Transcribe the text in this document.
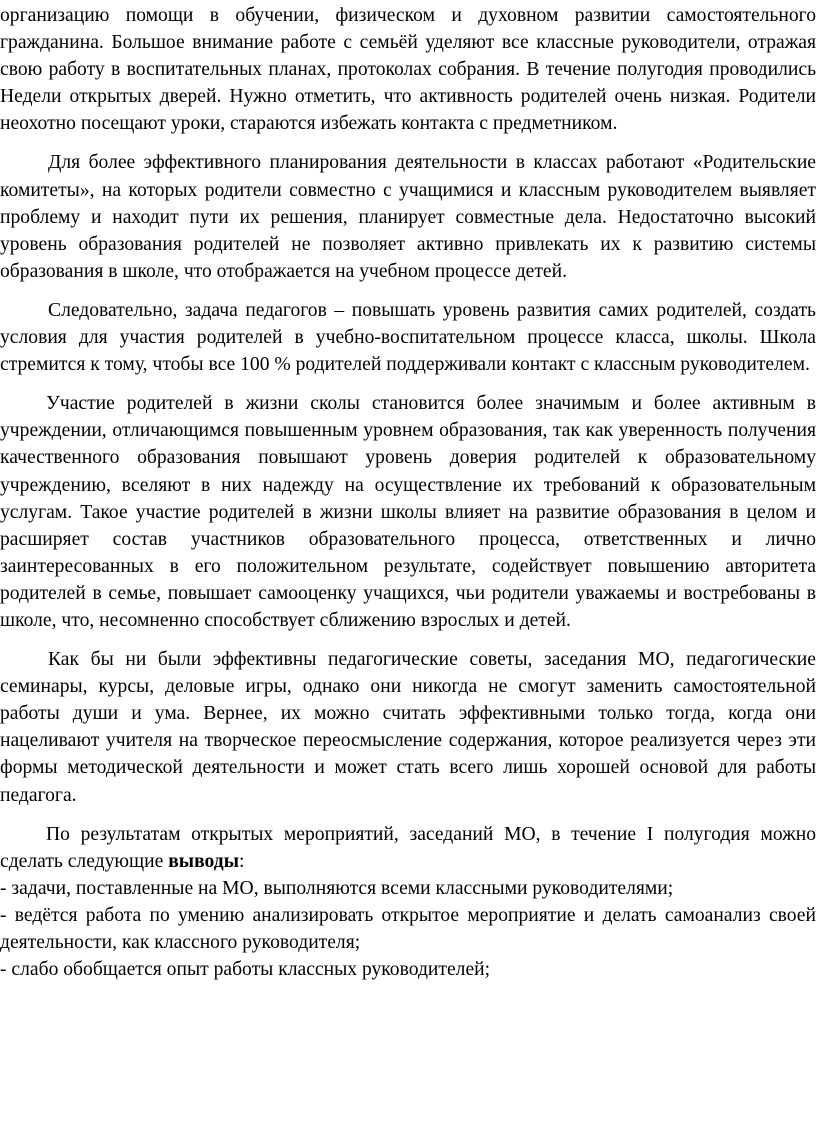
организацию помощи в обучении, физическом и духовном развитии самостоятельного гражданина. Большое внимание работе с семьёй уделяют все классные руководители, отражая свою работу в воспитательных планах, протоколах собрания. В течение полугодия проводились Недели открытых дверей. Нужно отметить, что активность родителей очень низкая. Родители неохотно посещают уроки, стараются избежать контакта с предметником.

Для более эффективного планирования деятельности в классах работают «Родительские комитеты», на которых родители совместно с учащимися и классным руководителем выявляет проблему и находит пути их решения, планирует совместные дела. Недостаточно высокий уровень образования родителей не позволяет активно привлекать их к развитию системы образования в школе, что отображается на учебном процессе детей.

Следовательно, задача педагогов – повышать уровень развития самих родителей, создать условия для участия родителей в учебно-воспитательном процессе класса, школы. Школа стремится к тому, чтобы все 100 % родителей поддерживали контакт с классным руководителем.

Участие родителей в жизни сколы становится более значимым и более активным в учреждении, отличающимся повышенным уровнем образования, так как уверенность получения качественного образования повышают уровень доверия родителей к образовательному учреждению, вселяют в них надежду на осуществление их требований к образовательным услугам. Такое участие родителей в жизни школы влияет на развитие образования в целом и расширяет состав участников образовательного процесса, ответственных и лично заинтересованных в его положительном результате, содействует повышению авторитета родителей в семье, повышает самооценку учащихся, чьи родители уважаемы и востребованы в школе, что, несомненно способствует сближению взрослых и детей.

Как бы ни были эффективны педагогические советы, заседания МО, педагогические семинары, курсы, деловые игры, однако они никогда не смогут заменить самостоятельной работы души и ума. Вернее, их можно считать эффективными только тогда, когда они нацеливают учителя на творческое переосмысление содержания, которое реализуется через эти формы методической деятельности и может стать всего лишь хорошей основой для работы педагога.

По результатам открытых мероприятий, заседаний МО, в течение I полугодия можно сделать следующие выводы:

- задачи, поставленные на МО, выполняются всеми классными руководителями;

- ведётся работа по умению анализировать открытое мероприятие и делать самоанализ своей деятельности, как классного руководителя;

- слабо обобщается опыт работы классных руководителей;
